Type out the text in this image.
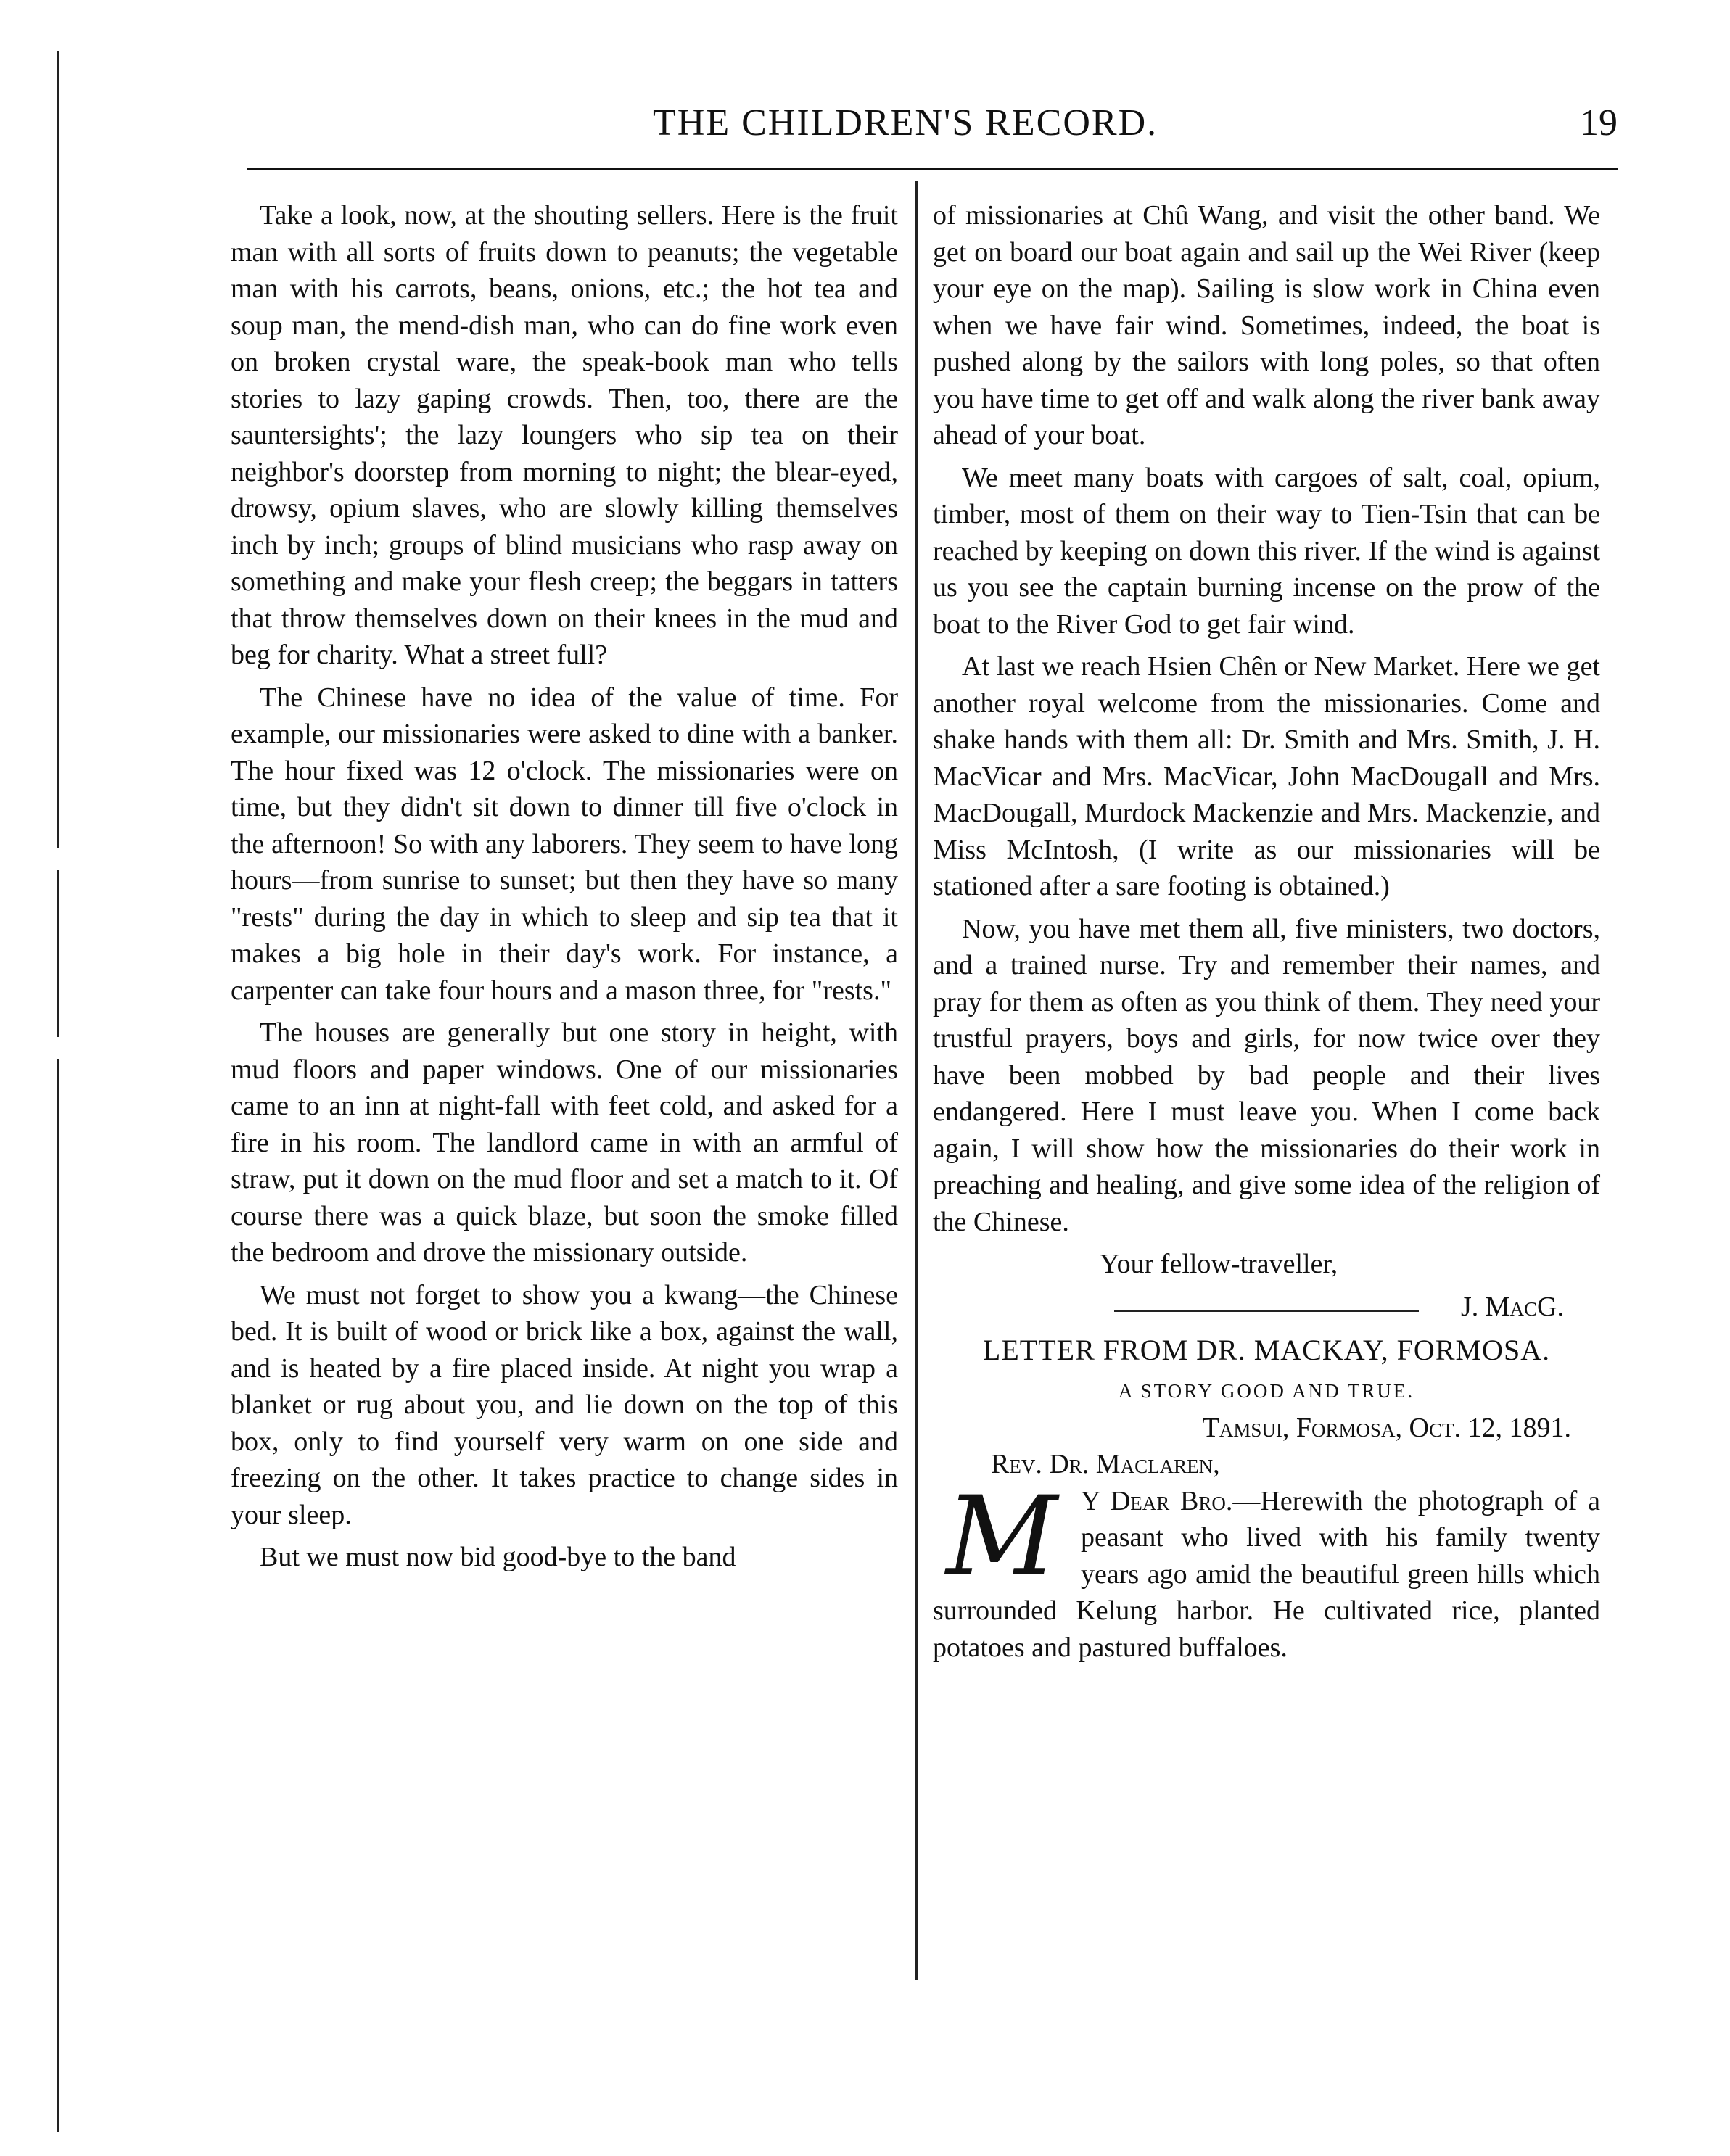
THE CHILDREN'S RECORD.	19

Take a look, now, at the shouting sellers. Here is the fruit man with all sorts of fruits down to peanuts; the vegetable man with his carrots, beans, onions, etc.; the hot tea and soup man, the mend-dish man, who can do fine work even on broken crystal ware, the speak-book man who tells stories to lazy gaping crowds. Then, too, there are the sauntersights'; the lazy loungers who sip tea on their neighbor's doorstep from morning to night; the blear-eyed, drowsy, opium slaves, who are slowly killing themselves inch by inch; groups of blind musicians who rasp away on something and make your flesh creep; the beggars in tatters that throw themselves down on their knees in the mud and beg for charity. What a street full?

The Chinese have no idea of the value of time. For example, our missionaries were asked to dine with a banker. The hour fixed was 12 o'clock. The missionaries were on time, but they didn't sit down to dinner till five o'clock in the afternoon! So with any laborers. They seem to have long hours—from sunrise to sunset; but then they have so many "rests" during the day in which to sleep and sip tea that it makes a big hole in their day's work. For instance, a carpenter can take four hours and a mason three, for "rests."

The houses are generally but one story in height, with mud floors and paper windows. One of our missionaries came to an inn at night-fall with feet cold, and asked for a fire in his room. The landlord came in with an armful of straw, put it down on the mud floor and set a match to it. Of course there was a quick blaze, but soon the smoke filled the bedroom and drove the missionary outside.

We must not forget to show you a kwang—the Chinese bed. It is built of wood or brick like a box, against the wall, and is heated by a fire placed inside. At night you wrap a blanket or rug about you, and lie down on the top of this box, only to find yourself very warm on one side and freezing on the other. It takes practice to change sides in your sleep.

But we must now bid good-bye to the band

of missionaries at Chû Wang, and visit the other band. We get on board our boat again and sail up the Wei River (keep your eye on the map). Sailing is slow work in China even when we have fair wind. Sometimes, indeed, the boat is pushed along by the sailors with long poles, so that often you have time to get off and walk along the river bank away ahead of your boat.

We meet many boats with cargoes of salt, coal, opium, timber, most of them on their way to Tien-Tsin that can be reached by keeping on down this river. If the wind is against us you see the captain burning incense on the prow of the boat to the River God to get fair wind.

At last we reach Hsien Chên or New Market. Here we get another royal welcome from the missionaries. Come and shake hands with them all: Dr. Smith and Mrs. Smith, J. H. MacVicar and Mrs. MacVicar, John MacDougall and Mrs. MacDougall, Murdock Mackenzie and Mrs. Mackenzie, and Miss McIntosh, (I write as our missionaries will be stationed after a sare footing is obtained.)

Now, you have met them all, five ministers, two doctors, and a trained nurse. Try and remember their names, and pray for them as often as you think of them. They need your trustful prayers, boys and girls, for now twice over they have been mobbed by bad people and their lives endangered. Here I must leave you. When I come back again, I will show how the missionaries do their work in preaching and healing, and give some idea of the religion of the Chinese.

Your fellow-traveller,

J. MacG.
LETTER FROM DR. MACKAY, FORMOSA.
A STORY GOOD AND TRUE.
Tamsui, Formosa, Oct. 12, 1891.
Rev. Dr. Maclaren,

M Y Dear Bro.—Herewith the photograph of a peasant who lived with his family twenty years ago amid the beautiful green hills which surrounded Kelung harbor. He cultivated rice, planted potatoes and pastured buffaloes.
